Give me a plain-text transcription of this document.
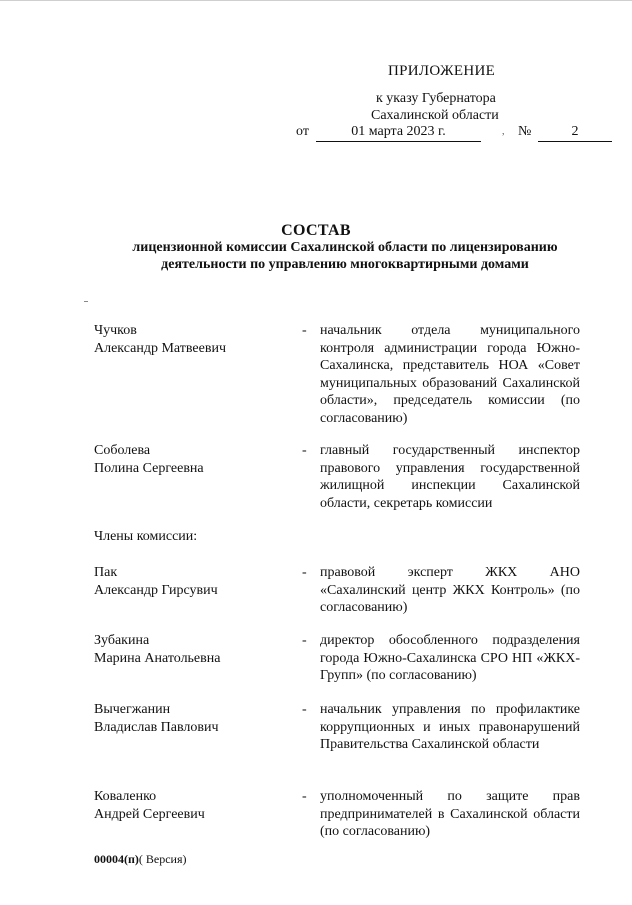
ПРИЛОЖЕНИЕ
к указу Губернатора
Сахалинской области
от	01 марта 2023 г.	, №	2
СОСТАВ
лицензионной комиссии Сахалинской области по лицензированию
деятельности по управлению многоквартирными домами
Чучков
Александр Матвеевич
- начальник отдела муниципального контроля администрации города Южно-Сахалинска, представитель НОА «Совет муниципальных образований Сахалинской области», председатель комиссии (по согласованию)
Соболева
Полина Сергеевна
- главный государственный инспектор правового управления государственной жилищной инспекции Сахалинской области, секретарь комиссии
Члены комиссии:
Пак
Александр Гирсувич
- правовой эксперт ЖКХ АНО «Сахалинский центр ЖКХ Контроль» (по согласованию)
Зубакина
Марина Анатольевна
- директор обособленного подразделения города Южно-Сахалинска СРО НП «ЖКХ- Групп» (по согласованию)
Вычегжанин
Владислав Павлович
- начальник управления по профилактике коррупционных и иных правонарушений Правительства Сахалинской области
Коваленко
Андрей Сергеевич
- уполномоченный по защите прав предпринимателей в Сахалинской области (по согласованию)
00004(п)( Версия)
